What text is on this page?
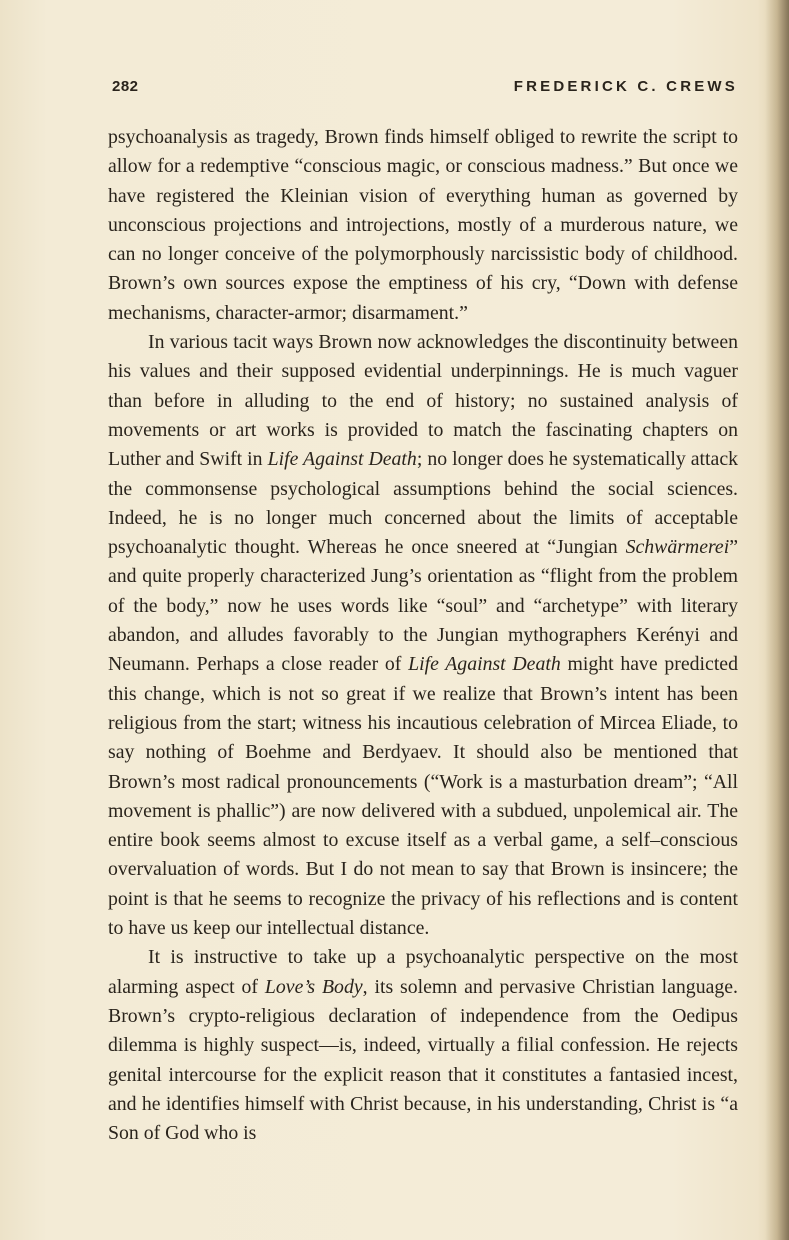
282	FREDERICK C. CREWS

psychoanalysis as tragedy, Brown finds himself obliged to rewrite the script to allow for a redemptive “conscious magic, or conscious madness.” But once we have registered the Kleinian vision of everything human as governed by unconscious projections and introjections, mostly of a murderous nature, we can no longer conceive of the polymorphously narcissistic body of childhood. Brown’s own sources expose the emptiness of his cry, “Down with defense mechanisms, character-armor; disarmament.”

In various tacit ways Brown now acknowledges the discontinuity between his values and their supposed evidential underpinnings. He is much vaguer than before in alluding to the end of history; no sustained analysis of movements or art works is provided to match the fascinating chapters on Luther and Swift in Life Against Death; no longer does he systematically attack the commonsense psychological assumptions behind the social sciences. Indeed, he is no longer much concerned about the limits of acceptable psychoanalytic thought. Whereas he once sneered at “Jungian Schwärmerei” and quite properly characterized Jung’s orientation as “flight from the problem of the body,” now he uses words like “soul” and “archetype” with literary abandon, and alludes favorably to the Jungian mythographers Kerényi and Neumann. Perhaps a close reader of Life Against Death might have predicted this change, which is not so great if we realize that Brown’s intent has been religious from the start; witness his incautious celebration of Mircea Eliade, to say nothing of Boehme and Berdyaev. It should also be mentioned that Brown’s most radical pronouncements (“Work is a masturbation dream”; “All movement is phallic”) are now delivered with a subdued, unpolemical air. The entire book seems almost to excuse itself as a verbal game, a self–conscious overvaluation of words. But I do not mean to say that Brown is insincere; the point is that he seems to recognize the privacy of his reflections and is content to have us keep our intellectual distance.

It is instructive to take up a psychoanalytic perspective on the most alarming aspect of Love’s Body, its solemn and pervasive Christian language. Brown’s crypto-religious declaration of independence from the Oedipus dilemma is highly suspect—is, indeed, virtually a filial confession. He rejects genital intercourse for the explicit reason that it constitutes a fantasied incest, and he identifies himself with Christ because, in his understanding, Christ is “a Son of God who is
